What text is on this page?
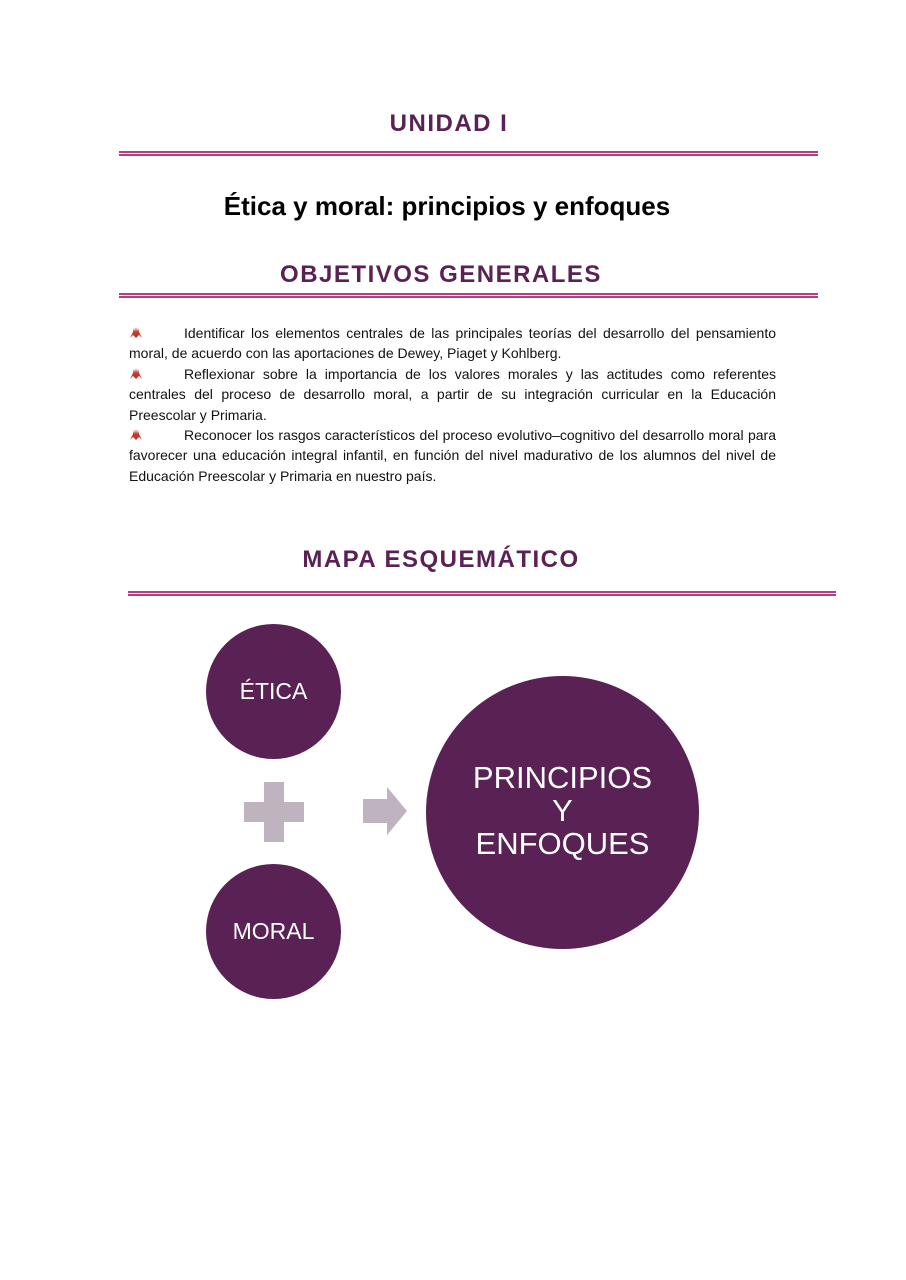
UNIDAD I
Ética y moral: principios y enfoques
OBJETIVOS GENERALES
Identificar los elementos centrales de las principales teorías del desarrollo del pensamiento moral, de acuerdo con las aportaciones de Dewey, Piaget y Kohlberg.
Reflexionar sobre la importancia de los valores morales y las actitudes como referentes centrales del proceso de desarrollo moral, a partir de su integración curricular en la Educación Preescolar y Primaria.
Reconocer los rasgos característicos del proceso evolutivo–cognitivo del desarrollo moral para favorecer una educación integral infantil, en función del nivel madurativo de los alumnos del nivel de Educación Preescolar y Primaria en nuestro país.
MAPA ESQUEMÁTICO
ÉTICA
MORAL
PRINCIPIOS
Y
ENFOQUES
